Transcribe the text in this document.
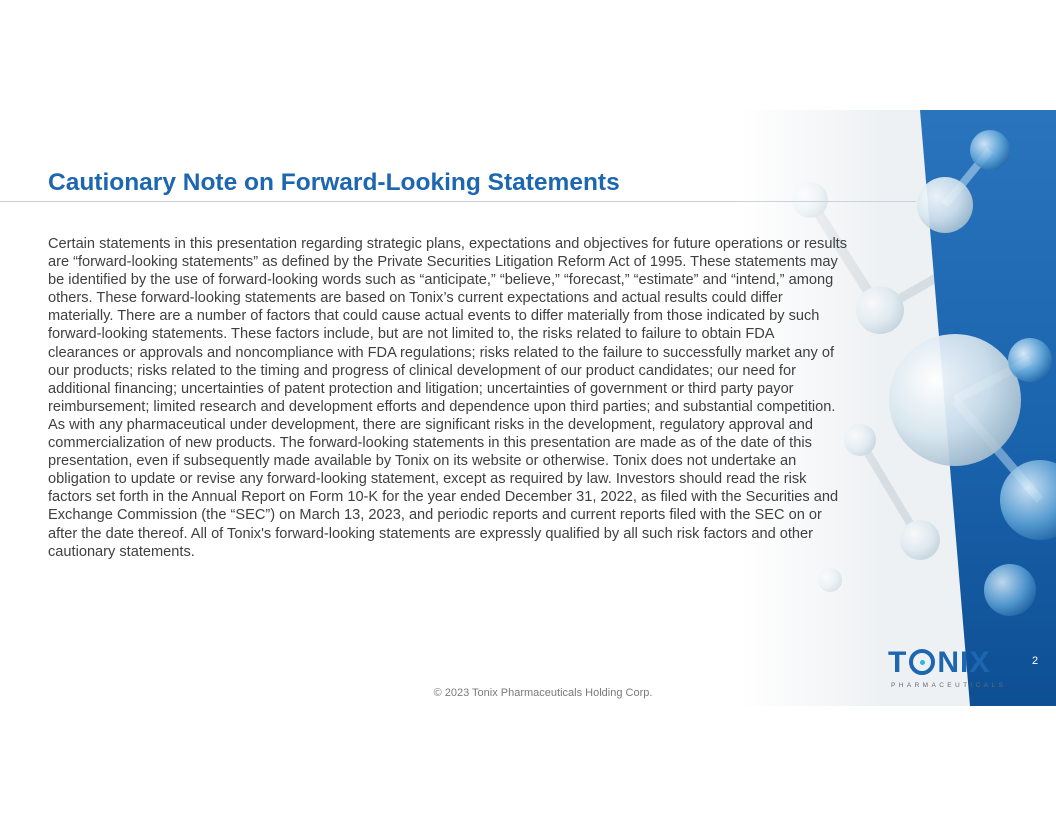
Cautionary Note on Forward-Looking Statements

Certain statements in this presentation regarding strategic plans, expectations and objectives for future operations or results are “forward-looking statements” as defined by the Private Securities Litigation Reform Act of 1995. These statements may be identified by the use of forward-looking words such as “anticipate,” “believe,” “forecast,” “estimate” and “intend,” among others. These forward-looking statements are based on Tonix’s current expectations and actual results could differ materially. There are a number of factors that could cause actual events to differ materially from those indicated by such forward-looking statements. These factors include, but are not limited to, the risks related to failure to obtain FDA clearances or approvals and noncompliance with FDA regulations; risks related to the failure to successfully market any of our products; risks related to the timing and progress of clinical development of our product candidates; our need for additional financing; uncertainties of patent protection and litigation; uncertainties of government or third party payor reimbursement; limited research and development efforts and dependence upon third parties; and substantial competition. As with any pharmaceutical under development, there are significant risks in the development, regulatory approval and commercialization of new products. The forward-looking statements in this presentation are made as of the date of this presentation, even if subsequently made available by Tonix on its website or otherwise. Tonix does not undertake an obligation to update or revise any forward-looking statement, except as required by law. Investors should read the risk factors set forth in the Annual Report on Form 10-K for the year ended December 31, 2022, as filed with the Securities and Exchange Commission (the “SEC”) on March 13, 2023, and periodic reports and current reports filed with the SEC on or after the date thereof. All of Tonix's forward-looking statements are expressly qualified by all such risk factors and other cautionary statements.

T NIX
PHARMACEUTICALS
2
© 2023 Tonix Pharmaceuticals Holding Corp.
